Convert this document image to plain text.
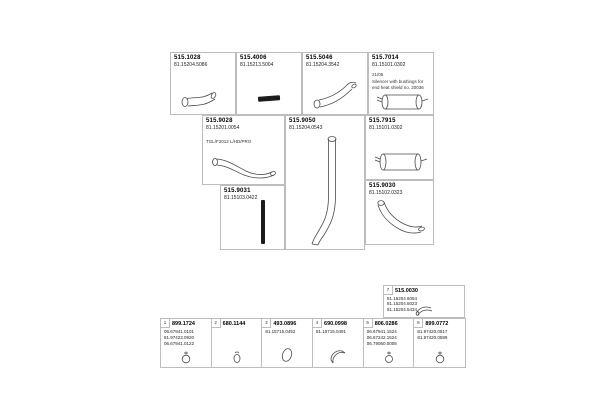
515.1028
81.15204.5086
515.4006
81.15213.5004
515.5046
81.15204.3542
515.7014
81.15101.0302
21/05
Silencer with bushings for end heat shield no. 20036
515.9028
81.15201.0054
TGL/F2012 L/HD/PRO
515.9050
81.15204.0543
515.7915
81.15101.0302
515.9031
81.15103.0422
515.9030
81.15102.0323
7	515.0030
81.15204.6054
81.15204.5023
81.15204.5434
1	899.1724
06.67941.0101
81.97423.0920
06.67941.0122
2	680.1144	3	493.0896
81.15715.0452
4	690.0998
81.15715.0491
5	806.0286
06.67941.1524
06.67242.1524
06.79060.0008
6	899.0772
81.97420.0517
81.97420.0599
